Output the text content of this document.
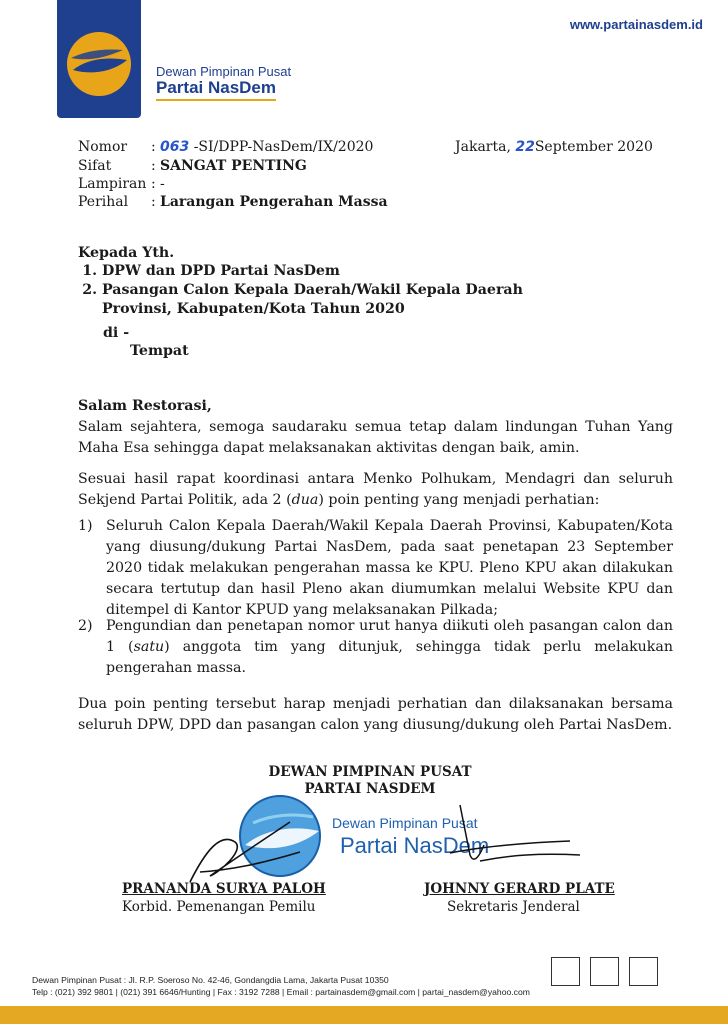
Dewan Pimpinan Pusat
Partai NasDem
www.partainasdem.id
Nomor : 063 -SI/DPP-NasDem/IX/2020	Jakarta, 22September 2020
Sifat	: SANGAT PENTING
Lampiran : -
Perihal : Larangan Pengerahan Massa
Kepada Yth.
1. DPW dan DPD Partai NasDem
2. Pasangan Calon Kepala Daerah/Wakil Kepala Daerah Provinsi, Kabupaten/Kota Tahun 2020
di -
Tempat
Salam Restorasi,
Salam sejahtera, semoga saudaraku semua tetap dalam lindungan Tuhan Yang Maha Esa sehingga dapat melaksanakan aktivitas dengan baik, amin.
Sesuai hasil rapat koordinasi antara Menko Polhukam, Mendagri dan seluruh Sekjend Partai Politik, ada 2 (dua) poin penting yang menjadi perhatian:
1) Seluruh Calon Kepala Daerah/Wakil Kepala Daerah Provinsi, Kabupaten/Kota yang diusung/dukung Partai NasDem, pada saat penetapan 23 September 2020 tidak melakukan pengerahan massa ke KPU. Pleno KPU akan dilakukan secara tertutup dan hasil Pleno akan diumumkan melalui Website KPU dan ditempel di Kantor KPUD yang melaksanakan Pilkada;
2) Pengundian dan penetapan nomor urut hanya diikuti oleh pasangan calon dan 1 (satu) anggota tim yang ditunjuk, sehingga tidak perlu melakukan pengerahan massa.
Dua poin penting tersebut harap menjadi perhatian dan dilaksanakan bersama seluruh DPW, DPD dan pasangan calon yang diusung/dukung oleh Partai NasDem.
DEWAN PIMPINAN PUSAT
PARTAI NASDEM
Dewan Pimpinan Pusat
Partai NasDem
PRANANDA SURYA PALOH
Korbid. Pemenangan Pemilu
JOHNNY GERARD PLATE
Sekretaris Jenderal
Dewan Pimpinan Pusat : Jl. R.P. Soeroso No. 42-46, Gondangdia Lama, Jakarta Pusat 10350
Telp : (021) 392 9801 | (021) 391 6646/Hunting | Fax : 3192 7288 | Email : partainasdem@gmail.com | partai_nasdem@yahoo.com
